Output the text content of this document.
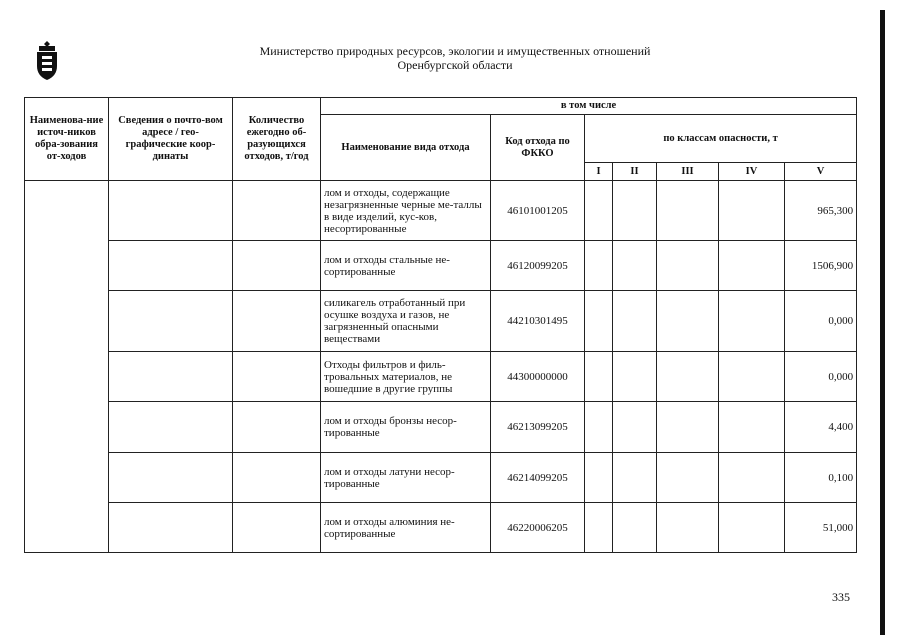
Министерство природных ресурсов, экологии и имущественных отношений
Оренбургской области
Наименова-ние источ-ников обра-зования от-ходов	Сведения о почто-вом адресе / гео-графические коор-динаты	Количество ежегодно об-разующихся отходов, т/год	в том числе						
			Наименование вида отхода	Код отхода по ФККО	по классам опасности, т				
					I	II	III	IV	V
			лом и отходы, содержащие незагрязненные черные ме-таллы в виде изделий, кус-ков, несортированные	46101001205					965,300
			лом и отходы стальные не-сортированные	46120099205					1506,900
			силикагель отработанный при осушке воздуха и газов, не загрязненный опасными веществами	44210301495					0,000
			Отходы фильтров и филь-тровальных материалов, не вошедшие в другие группы	44300000000					0,000
			лом и отходы бронзы несор-тированные	46213099205					4,400
			лом и отходы латуни несор-тированные	46214099205					0,100
			лом и отходы алюминия не-сортированные	46220006205					51,000
335
